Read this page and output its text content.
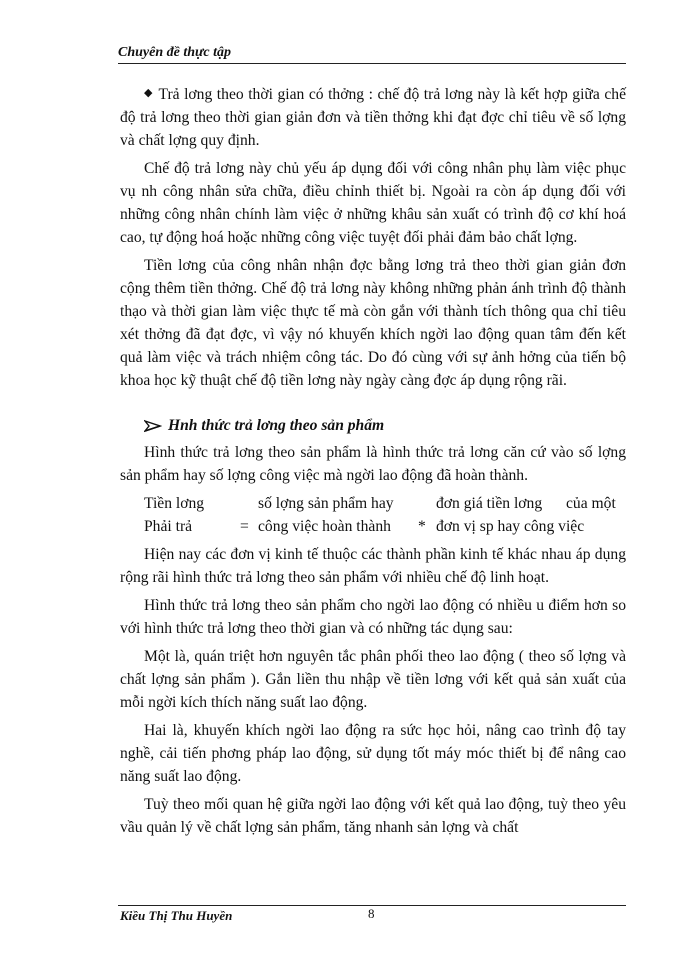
Chuyên đề thực tập

◆ Trả lơng theo thời gian có thởng : chế độ trả lơng này là kết hợp giữa chế độ trả lơng theo thời gian giản đơn và tiền thởng khi đạt đợc chỉ tiêu về số lợng và chất lợng quy định.

Chế độ trả lơng này chủ yếu áp dụng đối với công nhân phụ làm việc phục vụ nh công nhân sửa chữa, điều chỉnh thiết bị. Ngoài ra còn áp dụng đối với những công nhân chính làm việc ở những khâu sản xuất có trình độ cơ khí hoá cao, tự động hoá hoặc những công việc tuyệt đối phải đảm bảo chất lợng.

Tiền lơng của công nhân nhận đợc bằng lơng trả theo thời gian giản đơn cộng thêm tiền thởng. Chế độ trả lơng này không những phản ánh trình độ thành thạo và thời gian làm việc thực tế mà còn gắn với thành tích thông qua chỉ tiêu xét thởng đã đạt đợc, vì vậy nó khuyến khích ngời lao động quan tâm đến kết quả làm việc và trách nhiệm công tác. Do đó cùng với sự ảnh hởng của tiến bộ khoa học kỹ thuật chế độ tiền lơng này ngày càng đợc áp dụng rộng rãi.

Hnh thức trả lơng theo sản phẩm

Hình thức trả lơng theo sản phẩm là hình thức trả lơng căn cứ vào số lợng sản phẩm hay số lợng công việc mà ngời lao động đã hoàn thành.

Tiền lơng	số lợng sản phẩm hay	đơn giá tiền lơng	của một
Phải trả	= công việc hoàn thành	* đơn vị sp hay công việc

Hiện nay các đơn vị kinh tế thuộc các thành phần kinh tế khác nhau áp dụng rộng rãi hình thức trả lơng theo sản phẩm với nhiều chế độ linh hoạt.

Hình thức trả lơng theo sản phẩm cho ngời lao động có nhiều u điểm hơn so với hình thức trả lơng theo thời gian và có những tác dụng sau:

Một là, quán triệt hơn nguyên tắc phân phối theo lao động ( theo số lợng và chất lợng sản phẩm ). Gắn liền thu nhập về tiền lơng với kết quả sản xuất của mỗi ngời kích thích năng suất lao động.

Hai là, khuyến khích ngời lao động ra sức học hỏi, nâng cao trình độ tay nghề, cải tiến phơng pháp lao động, sử dụng tốt máy móc thiết bị để nâng cao năng suất lao động.

Tuỳ theo mối quan hệ giữa ngời lao động với kết quả lao động, tuỳ theo yêu vầu quản lý về chất lợng sản phẩm, tăng nhanh sản lợng và chất

Kiều Thị Thu Huyền	8
